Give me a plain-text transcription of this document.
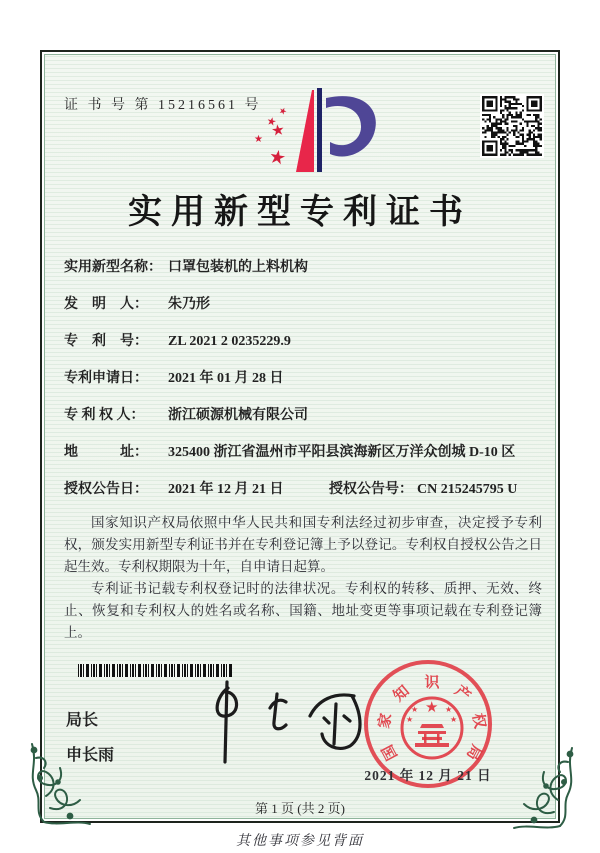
证 书 号 第 15216561 号 ★
★
★ ★
★
实用新型专利证书
实用新型名称： 口罩包装机的上料机构
发　明　人： 朱乃形
专　利　号： ZL 2021 2 0235229.9
专利申请日： 2021 年 01 月 28 日
专 利 权 人： 浙江硕源机械有限公司
地　　　址： 325400 浙江省温州市平阳县滨海新区万洋众创城 D-10 区
授权公告日： 2021 年 12 月 21 日	授权公告号： CN 215245795 U

国家知识产权局依照中华人民共和国专利法经过初步审查，决定授予专利权，颁发实用新型专利证书并在专利登记簿上予以登记。专利权自授权公告之日起生效。专利权期限为十年，自申请日起算。

专利证书记载专利权登记时的法律状况。专利权的转移、质押、无效、终止、恢复和专利权人的姓名或名称、国籍、地址变更等事项记载在专利登记簿上。

局长
申长雨
★
★	★
★	★
国
家
知
识
产
权
局
2021 年 12 月 21 日
第 1 页 (共 2 页)
其他事项参见背面
